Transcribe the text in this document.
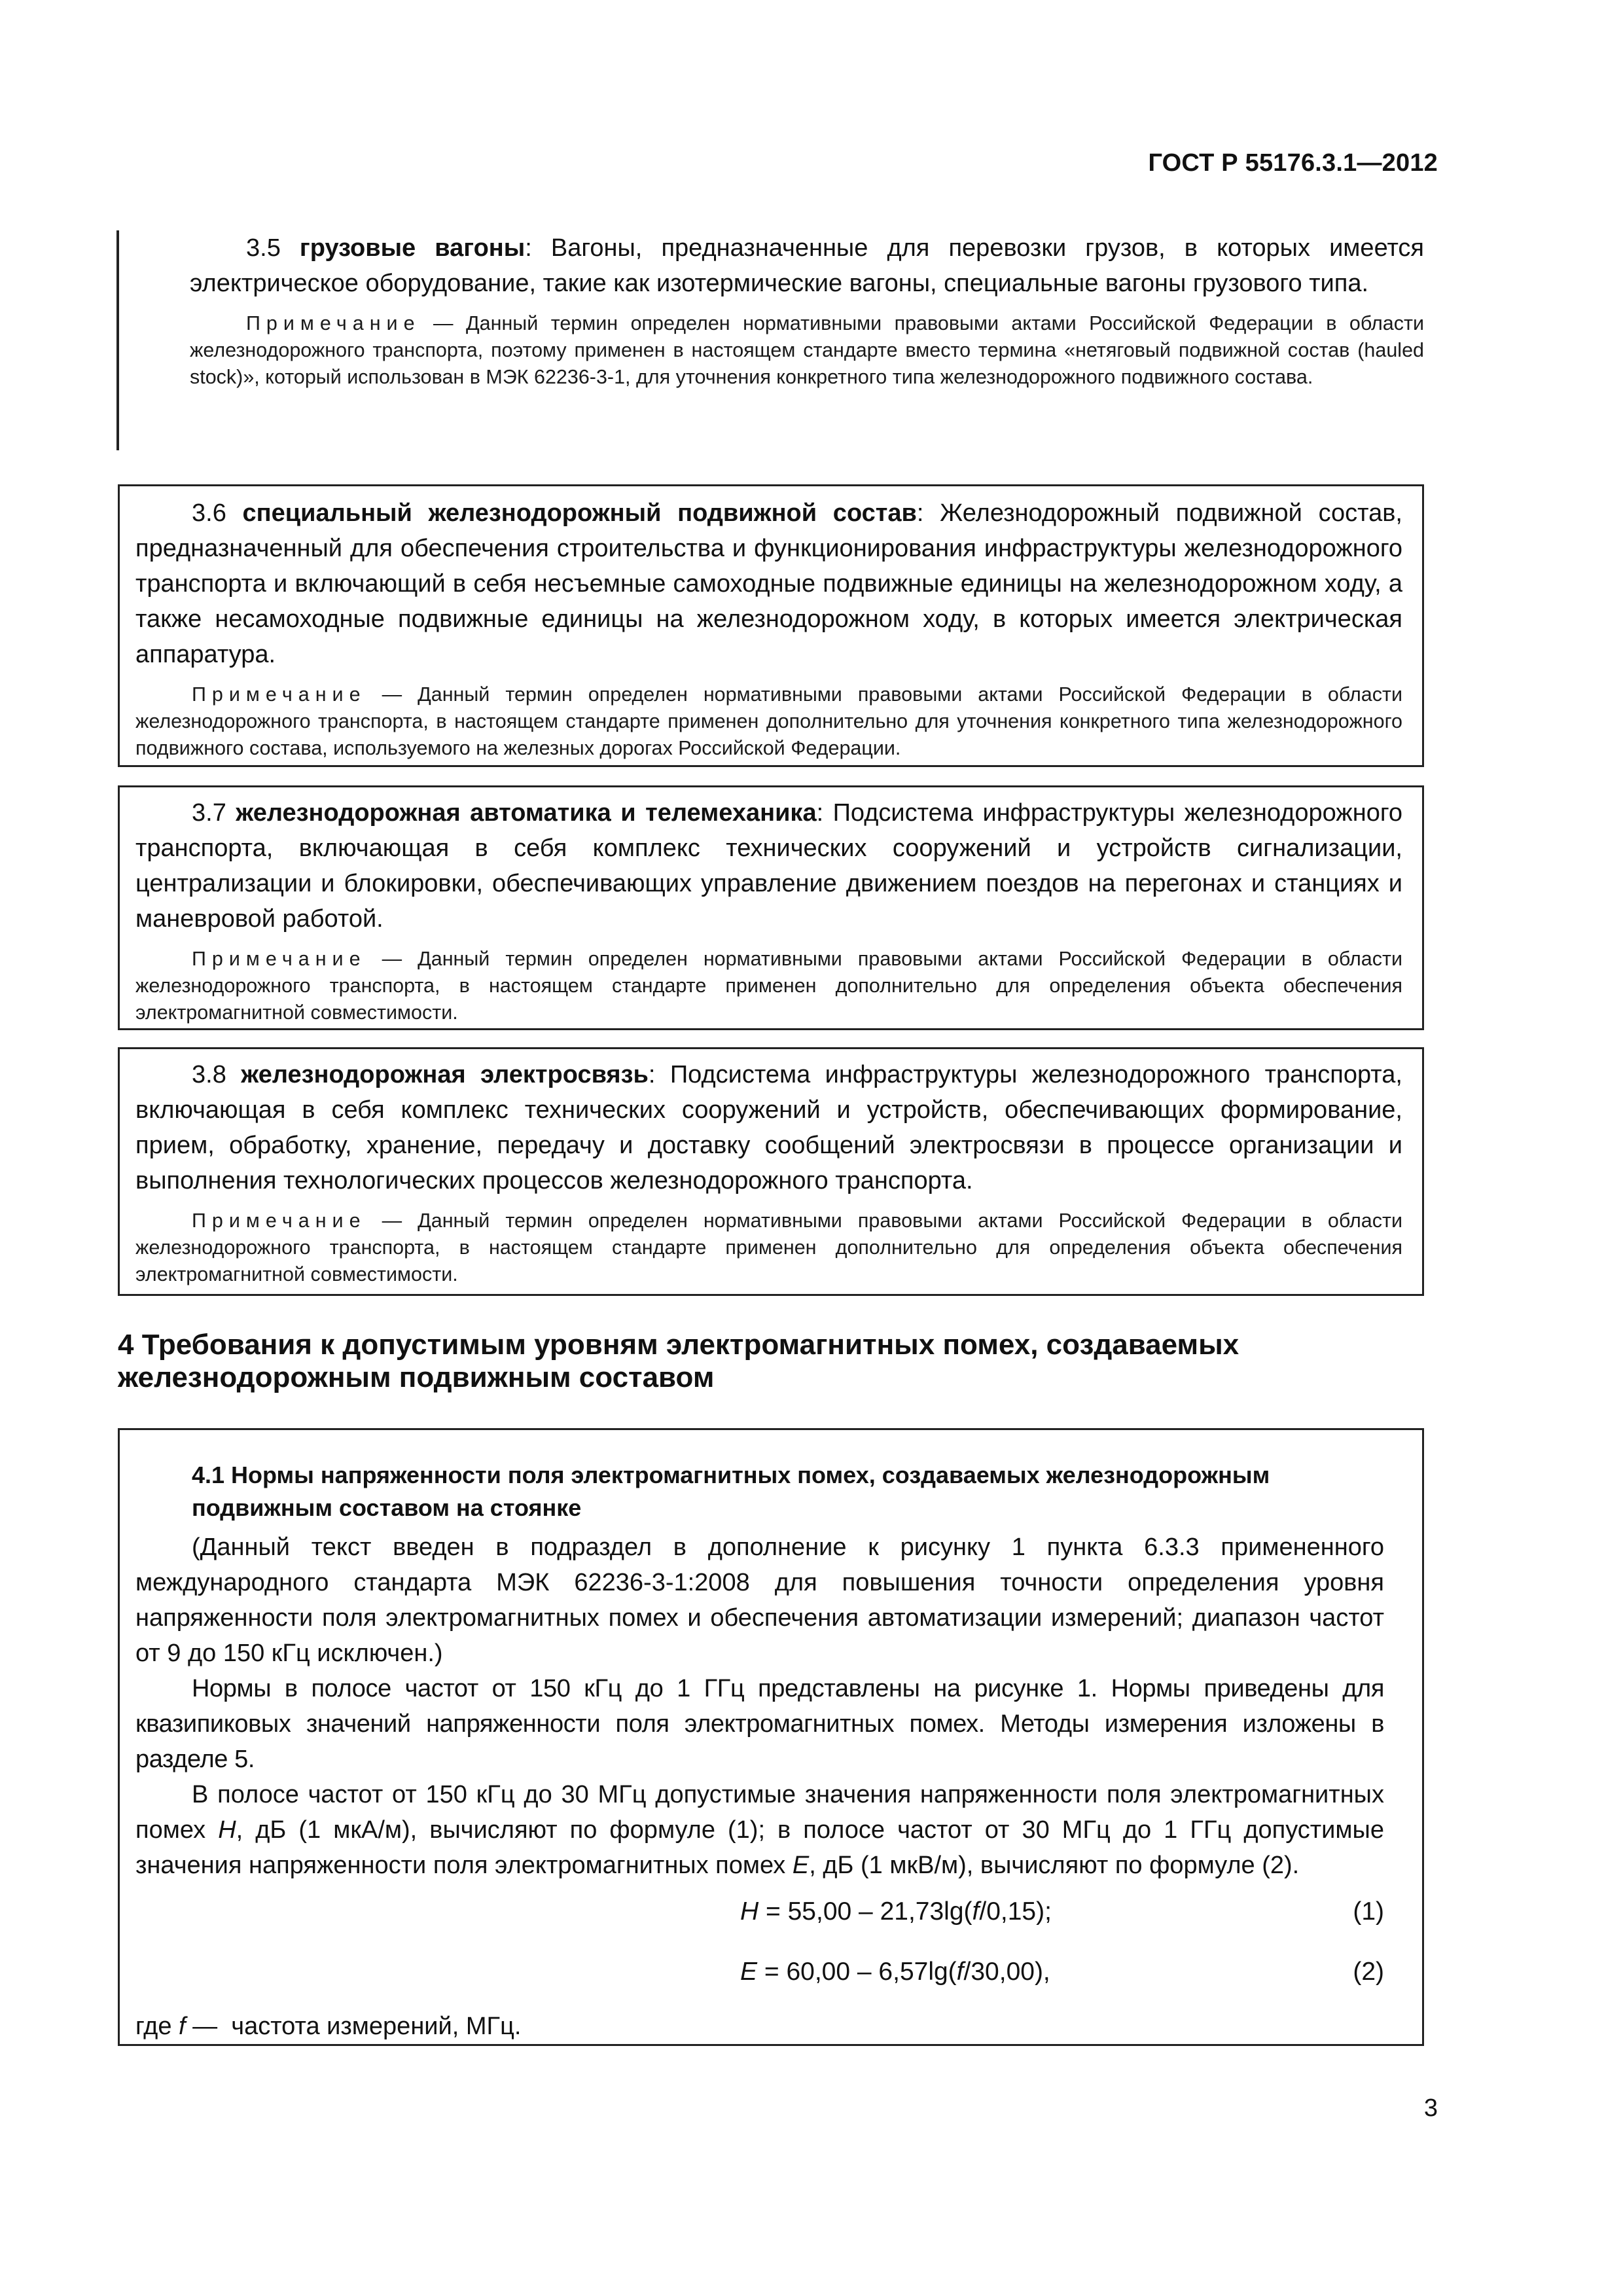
ГОСТ Р 55176.3.1—2012

3.5 грузовые вагоны: Вагоны, предназначенные для перевозки грузов, в которых имеется электрическое оборудование, такие как изотермические вагоны, специальные вагоны грузового типа.

Примечание — Данный термин определен нормативными правовыми актами Российской Федерации в области железнодорожного транспорта, поэтому применен в настоящем стандарте вместо термина «нетяговый подвижной состав (hauled stock)», который использован в МЭК 62236-3-1, для уточнения конкретного типа железнодорожного подвижного состава.

3.6 специальный железнодорожный подвижной состав: Железнодорожный подвижной состав, предназначенный для обеспечения строительства и функционирования инфраструктуры железнодорожного транспорта и включающий в себя несъемные самоходные подвижные единицы на железнодорожном ходу, а также несамоходные подвижные единицы на железнодорожном ходу, в которых имеется электрическая аппаратура.

Примечание — Данный термин определен нормативными правовыми актами Российской Федерации в области железнодорожного транспорта, в настоящем стандарте применен дополнительно для уточнения конкретного типа железнодорожного подвижного состава, используемого на железных дорогах Российской Федерации.

3.7 железнодорожная автоматика и телемеханика: Подсистема инфраструктуры железнодорожного транспорта, включающая в себя комплекс технических сооружений и устройств сигнализации, централизации и блокировки, обеспечивающих управление движением поездов на перегонах и станциях и маневровой работой.

Примечание — Данный термин определен нормативными правовыми актами Российской Федерации в области железнодорожного транспорта, в настоящем стандарте применен дополнительно для определения объекта обеспечения электромагнитной совместимости.

3.8 железнодорожная электросвязь: Подсистема инфраструктуры железнодорожного транспорта, включающая в себя комплекс технических сооружений и устройств, обеспечивающих формирование, прием, обработку, хранение, передачу и доставку сообщений электросвязи в процессе организации и выполнения технологических процессов железнодорожного транспорта.

Примечание — Данный термин определен нормативными правовыми актами Российской Федерации в области железнодорожного транспорта, в настоящем стандарте применен дополнительно для определения объекта обеспечения электромагнитной совместимости.

4 Требования к допустимым уровням электромагнитных помех, создаваемых железнодорожным подвижным составом
4.1 Нормы напряженности поля электромагнитных помех, создаваемых железнодорожным подвижным составом на стоянке

(Данный текст введен в подраздел в дополнение к рисунку 1 пункта 6.3.3 примененного международного стандарта МЭК 62236-3-1:2008 для повышения точности определения уровня напряженности поля электромагнитных помех и обеспечения автоматизации измерений; диапазон частот от 9 до 150 кГц исключен.)

Нормы в полосе частот от 150 кГц до 1 ГГц представлены на рисунке 1. Нормы приведены для квазипиковых значений напряженности поля электромагнитных помех. Методы измерения изложены в разделе 5.

В полосе частот от 150 кГц до 30 МГц допустимые значения напряженности поля электромагнитных помех H, дБ (1 мкА/м), вычисляют по формуле (1); в полосе частот от 30 МГц до 1 ГГц допустимые значения напряженности поля электромагнитных помех E, дБ (1 мкВ/м), вычисляют по формуле (2).

H = 55,00 – 21,73lg(f/0,15);	(1)
E = 60,00 – 6,57lg(f/30,00),	(2)

где f —  частота измерений, МГц.

3
